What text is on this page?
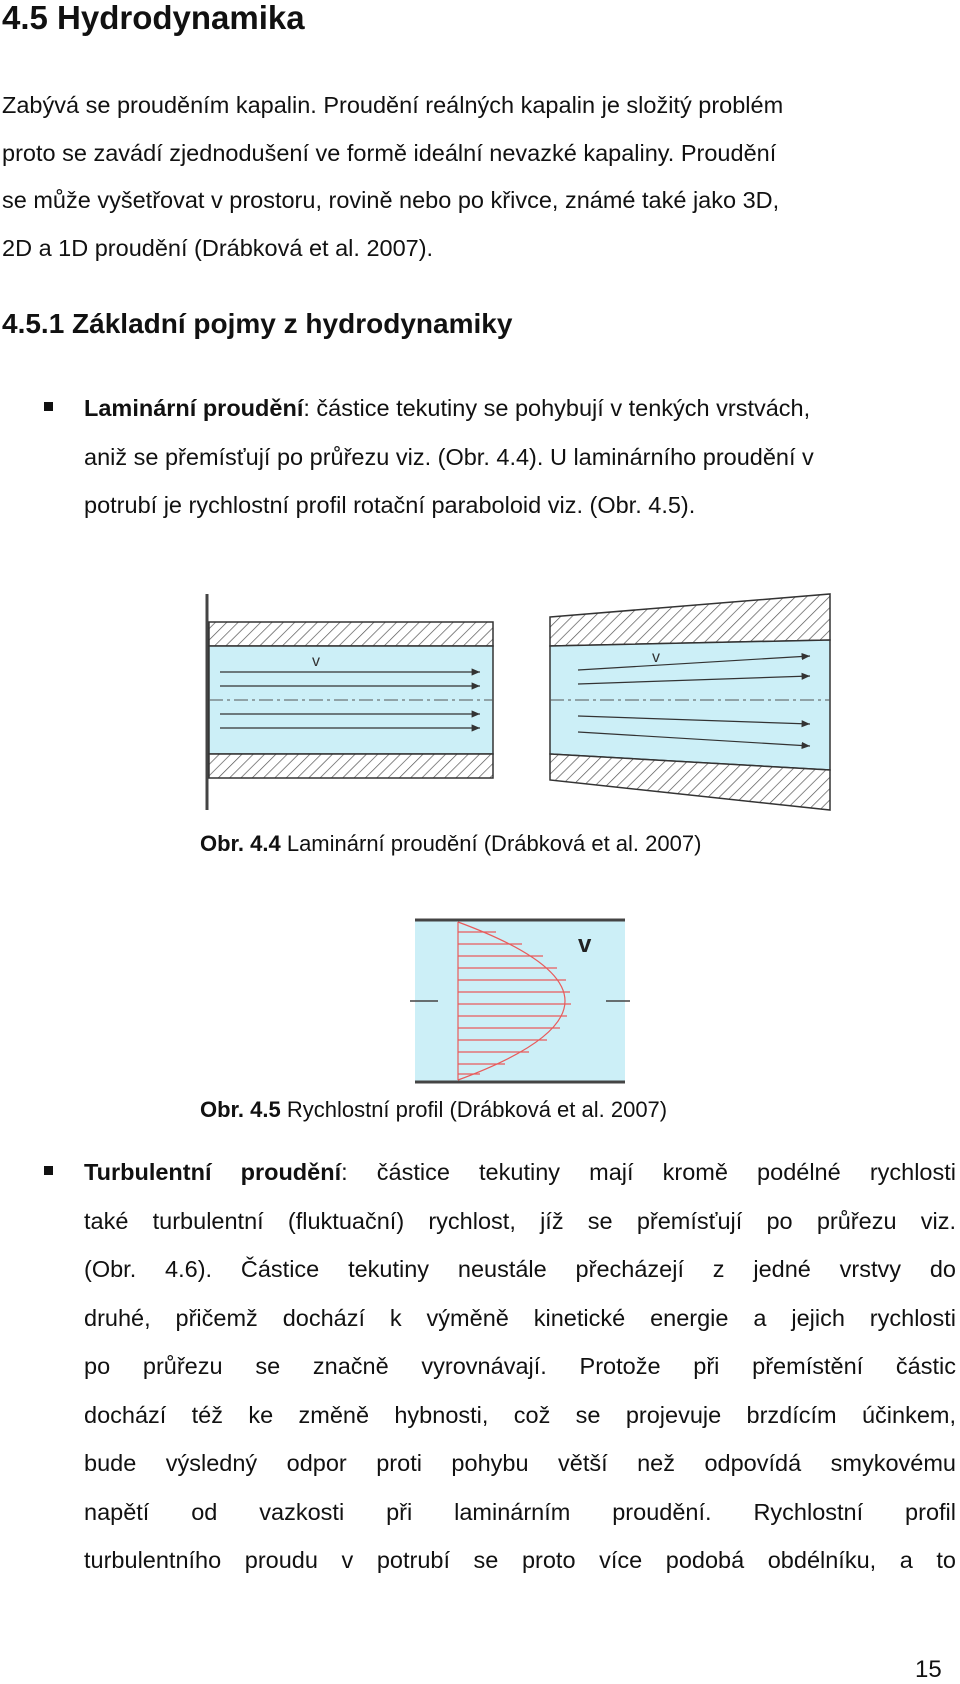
4.5 Hydrodynamika
Zabývá se prouděním kapalin. Proudění reálných kapalin je složitý problém
proto se zavádí zjednodušení ve formě ideální nevazké kapaliny. Proudění
se může vyšetřovat v prostoru, rovině nebo po křivce, známé také jako 3D,
2D a 1D proudění (Drábková et al. 2007).
4.5.1 Základní pojmy z hydrodynamiky
Laminární proudění: částice tekutiny se pohybují v tenkých vrstvách,
aniž se přemísťují po průřezu viz. (Obr. 4.4). U laminárního proudění v
potrubí je rychlostní profil rotační paraboloid viz. (Obr. 4.5).
v	v
Obr. 4.4 Laminární proudění (Drábková et al. 2007)
v
Obr. 4.5 Rychlostní profil (Drábková et al. 2007)
Turbulentní proudění: částice tekutiny mají kromě podélné rychlosti
také turbulentní (fluktuační) rychlost, jíž se přemísťují po průřezu viz.
(Obr. 4.6). Částice tekutiny neustále přecházejí z jedné vrstvy do
druhé, přičemž dochází k výměně kinetické energie a jejich rychlosti
po průřezu se značně vyrovnávají. Protože při přemístění částic
dochází též ke změně hybnosti, což se projevuje brzdícím účinkem,
bude výsledný odpor proti pohybu větší než odpovídá smykovému
napětí od vazkosti při laminárním proudění. Rychlostní profil
turbulentního proudu v potrubí se proto více podobá obdélníku, a to
15
